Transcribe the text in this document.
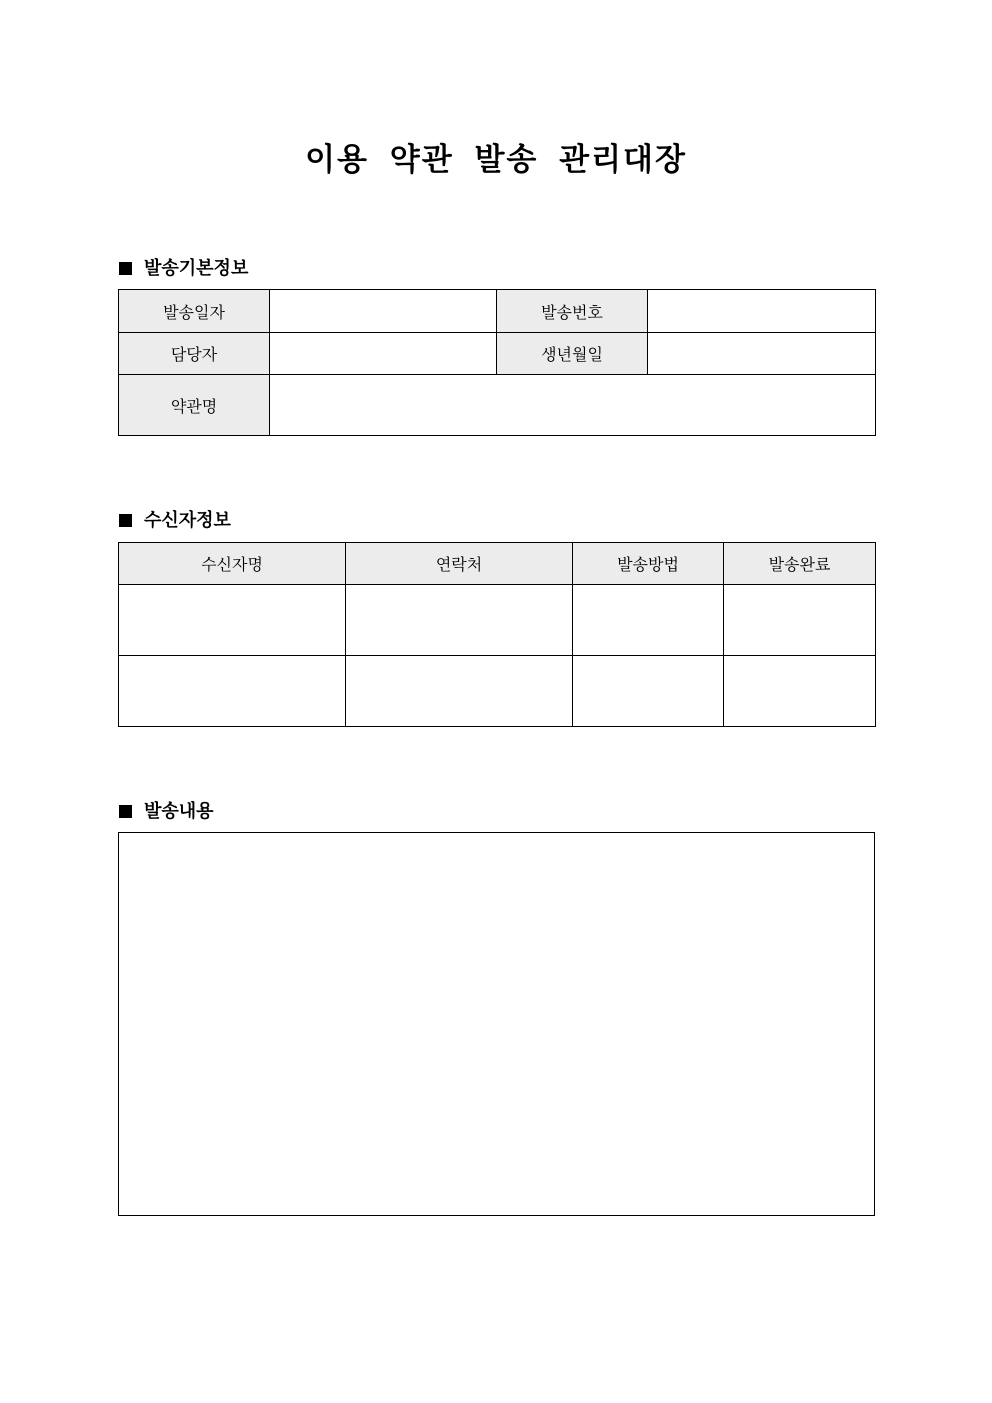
이용 약관 발송 관리대장
발송기본정보
발송일자		발송번호	
담당자		생년월일	
약관명			
수신자정보
수신자명	연락처	발송방법	발송완료

발송내용
